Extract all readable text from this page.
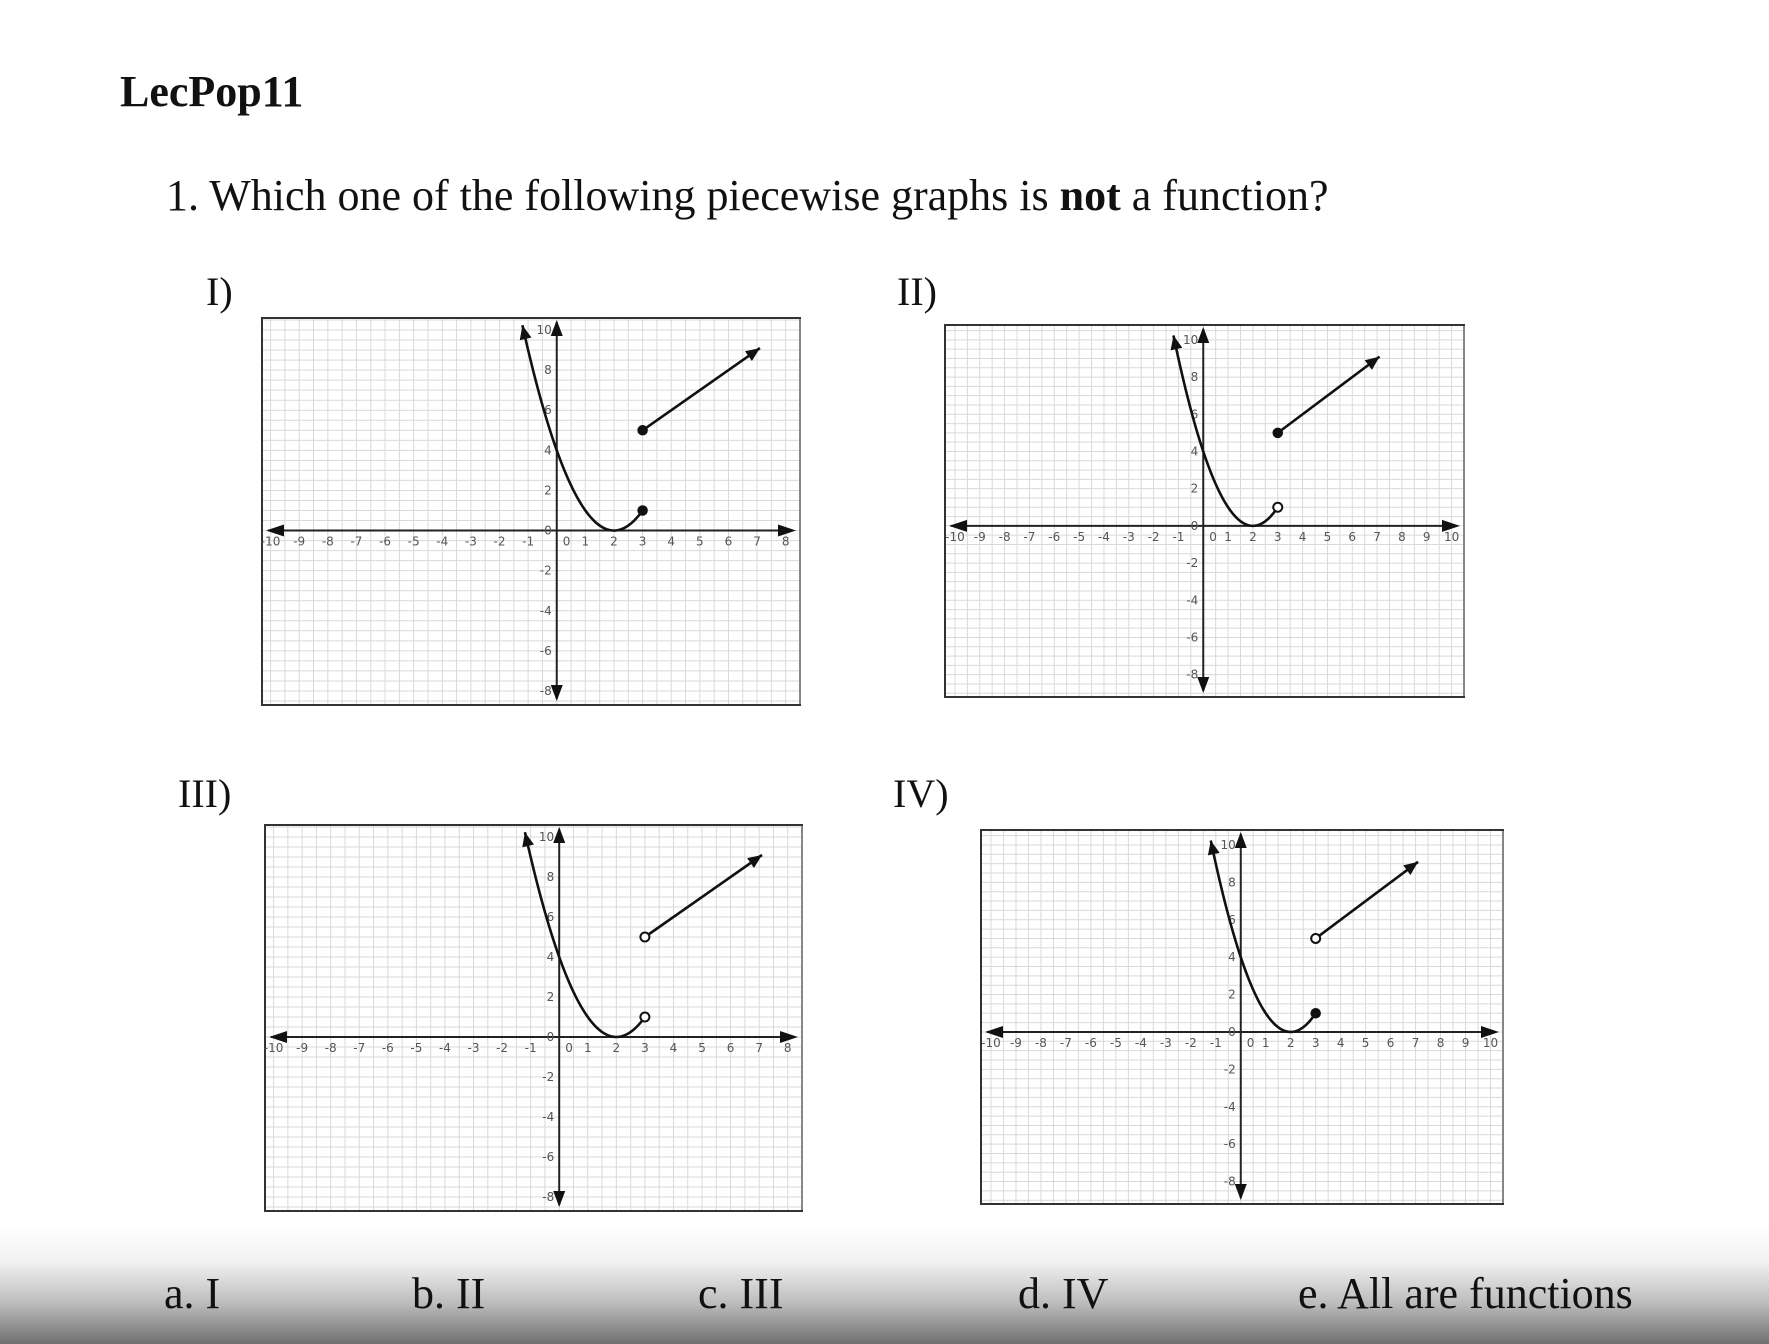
LecPop11
1. Which one of the following piecewise graphs is not a function?
I)	II)
III)	IV)
-10 -9 -8 -7 -6 -5 -4 -3 -2 -1	1 2 3 4 5 6 7 8
0
10
8
6
4
2
0
-2
-4
-6
-8
-10 -9 -8 -7 -6 -5 -4 -3 -2 -1	1 2 3 4 5 6 7 8 9 10
0
10
8
6
4
2
0
-2
-4
-6
-8
-10 -9 -8 -7 -6 -5 -4 -3 -2 -1	1 2 3 4 5 6 7 8
0
10
8
6
4
2
0
-2
-4
-6
-8
-10 -9 -8 -7 -6 -5 -4 -3 -2 -1	1 2 3 4 5 6 7 8 9 10
0
10
8
6
4
2
0
-2
-4
-6
-8
a. I	b. II	c. III	d. IV	e. All are functions
